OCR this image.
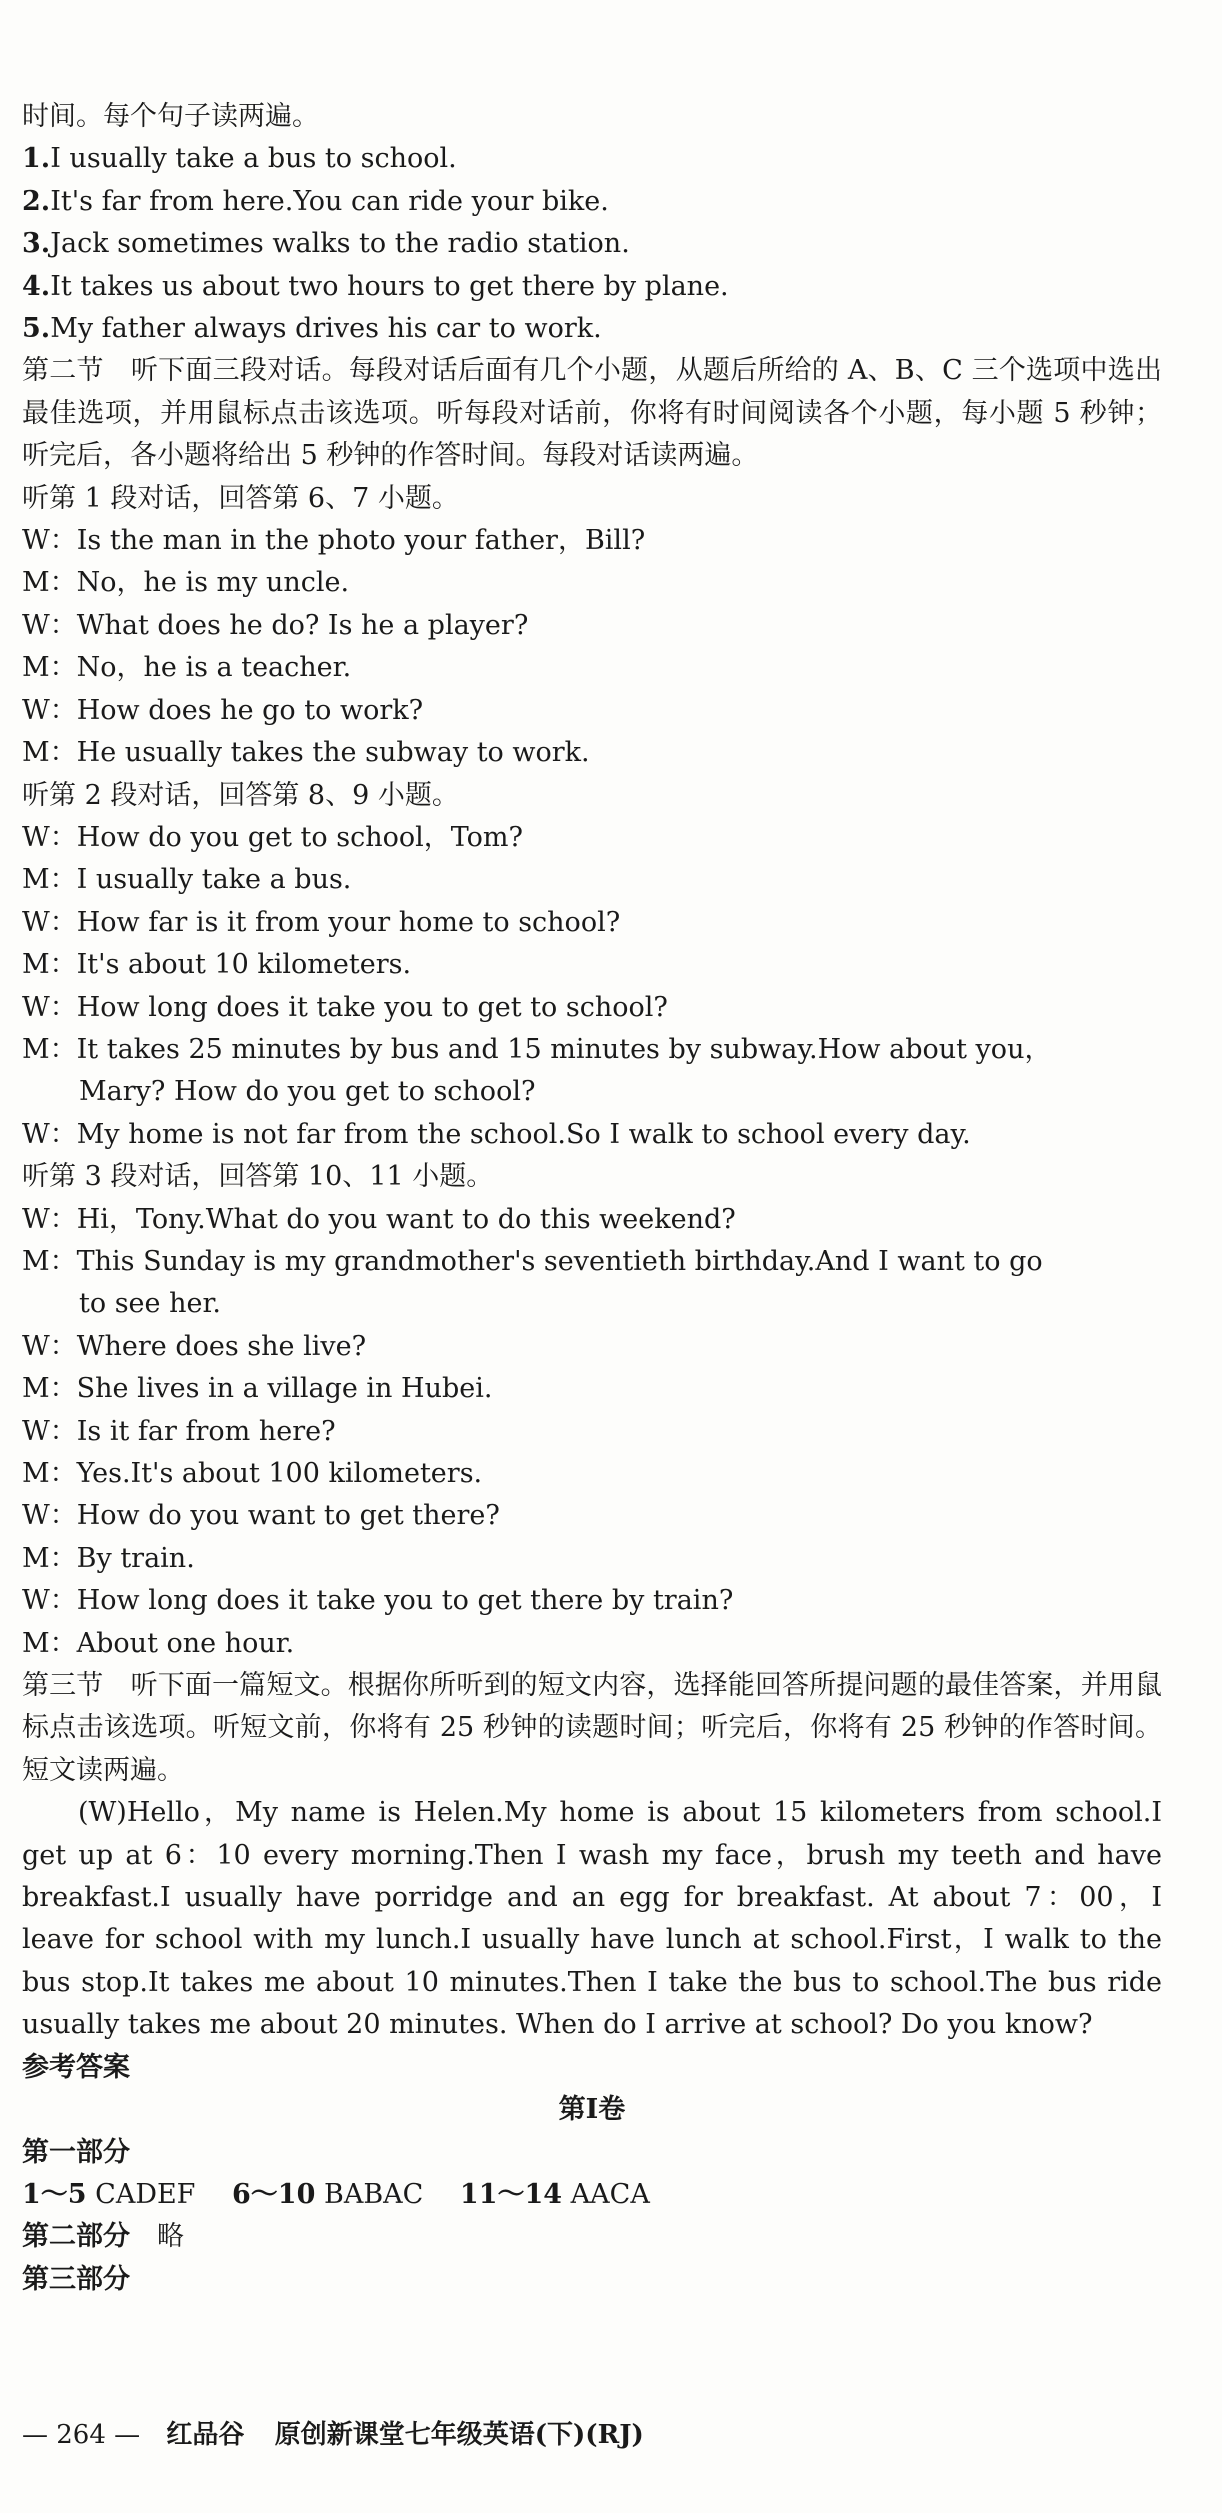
时间。每个句子读两遍。

1.I usually take a bus to school.

2.It's far from here.You can ride your bike.

3.Jack sometimes walks to the radio station.

4.It takes us about two hours to get there by plane.

5.My father always drives his car to work.

第二节　听下面三段对话。每段对话后面有几个小题，从题后所给的 A、B、C 三个选项中选出最佳选项，并用鼠标点击该选项。听每段对话前，你将有时间阅读各个小题，每小题 5 秒钟；听完后，各小题将给出 5 秒钟的作答时间。每段对话读两遍。

听第 1 段对话，回答第 6、7 小题。

W：Is the man in the photo your father，Bill?

M：No，he is my uncle.

W：What does he do? Is he a player?

M：No，he is a teacher.

W：How does he go to work?

M：He usually takes the subway to work.

听第 2 段对话，回答第 8、9 小题。

W：How do you get to school，Tom?

M：I usually take a bus.

W：How far is it from your home to school?

M：It's about 10 kilometers.

W：How long does it take you to get to school?

M：It takes 25 minutes by bus and 15 minutes by subway.How about you，

Mary? How do you get to school?

W：My home is not far from the school.So I walk to school every day.

听第 3 段对话，回答第 10、11 小题。

W：Hi，Tony.What do you want to do this weekend?

M：This Sunday is my grandmother's seventieth birthday.And I want to go

to see her.

W：Where does she live?

M：She lives in a village in Hubei.

W：Is it far from here?

M：Yes.It's about 100 kilometers.

W：How do you want to get there?

M：By train.

W：How long does it take you to get there by train?

M：About one hour.

第三节　听下面一篇短文。根据你所听到的短文内容，选择能回答所提问题的最佳答案，并用鼠标点击该选项。听短文前，你将有 25 秒钟的读题时间；听完后，你将有 25 秒钟的作答时间。短文读两遍。

(W)Hello，My name is Helen.My home is about 15 kilometers from school.I get up at 6：10 every morning.Then I wash my face，brush my teeth and have breakfast.I usually have porridge and an egg for breakfast. At about 7：00，I leave for school with my lunch.I usually have lunch at school.First，I walk to the bus stop.It takes me about 10 minutes.Then I take the bus to school.The bus ride usually takes me about 20 minutes. When do I arrive at school? Do you know?

参考答案

第Ⅰ卷

第一部分

1～5 CADEF 6～10 BABAC 11～14 AACA

第二部分　 略

第三部分

— 264 — 红品谷 原创新课堂七年级英语(下)(RJ)
